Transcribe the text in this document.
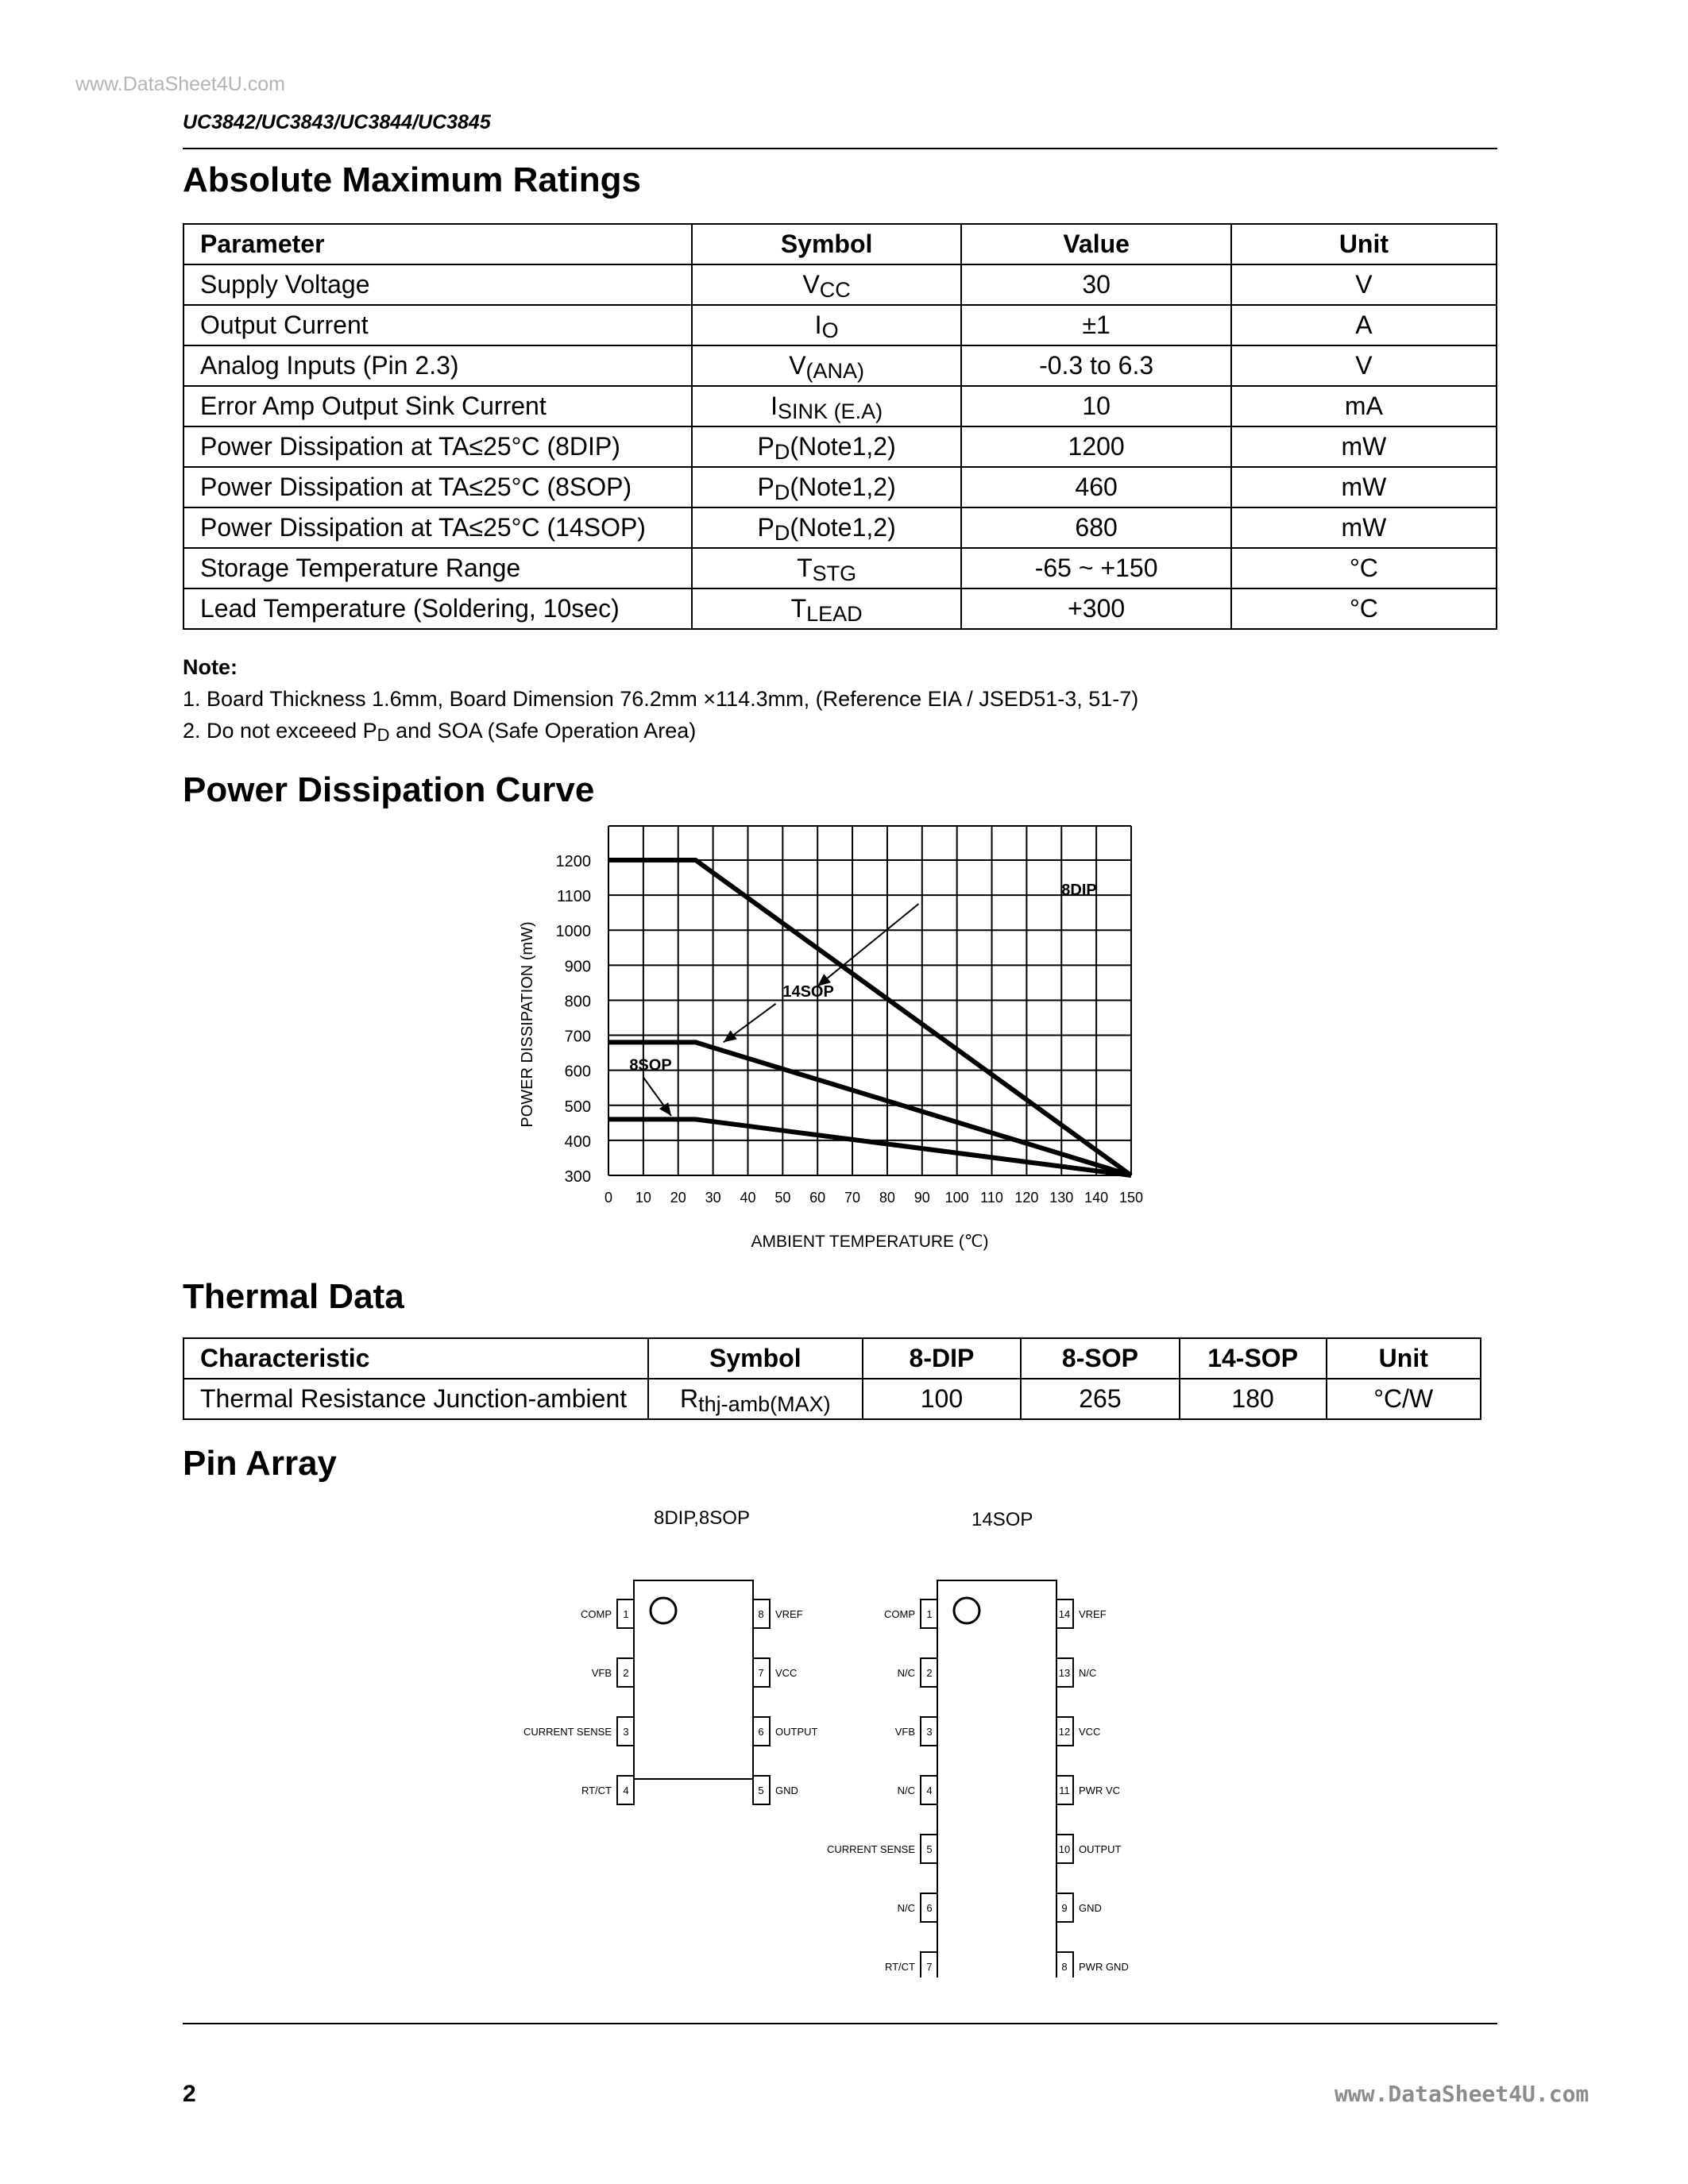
www.DataSheet4U.com
UC3842/UC3843/UC3844/UC3845
Absolute Maximum Ratings
Parameter	Symbol	Value	Unit
Supply Voltage	VCC	30	V
Output Current	IO	±1	A
Analog Inputs (Pin 2.3)	V(ANA)	-0.3 to 6.3	V
Error Amp Output Sink Current	ISINK (E.A)	10	mA
Power Dissipation at TA≤25°C (8DIP)	PD(Note1,2)	1200	mW
Power Dissipation at TA≤25°C (8SOP)	PD(Note1,2)	460	mW
Power Dissipation at TA≤25°C (14SOP)	PD(Note1,2)	680	mW
Storage Temperature Range	TSTG	-65 ~ +150	°C
Lead Temperature (Soldering, 10sec)	TLEAD	+300	°C
Note:
1. Board Thickness 1.6mm, Board Dimension 76.2mm ×114.3mm, (Reference EIA / JSED51-3, 51-7)
2. Do not exceeed PD and SOA (Safe Operation Area)
Power Dissipation Curve
1200
1100
1000
900
800
700
600
500
400
300
0 10 20 30 40 50 60 70 80 90 100 110 120 130 140 150
AMBIENT TEMPERATURE (℃)
POWER DISSIPATION (mW)
8DIP
14SOP
8SOP
Thermal Data
Characteristic	Symbol	8-DIP	8-SOP	14-SOP	Unit
Thermal Resistance Junction-ambient	Rthj-amb(MAX)	100	265	180	°C/W
Pin Array
8DIP,8SOP	14SOP
1
COMP
2
VFB
3
CURRENT SENSE
4
RT/CT
8 VREF
7 VCC
6 OUTPUT
5 GND
1
COMP
2
N/C
3
VFB
4
N/C
5
CURRENT SENSE
6
N/C
7
RT/CT
14 VREF
13 N/C
12 VCC
11 PWR VC
10 OUTPUT
9 GND
8 PWR GND
2	www.DataSheet4U.com
